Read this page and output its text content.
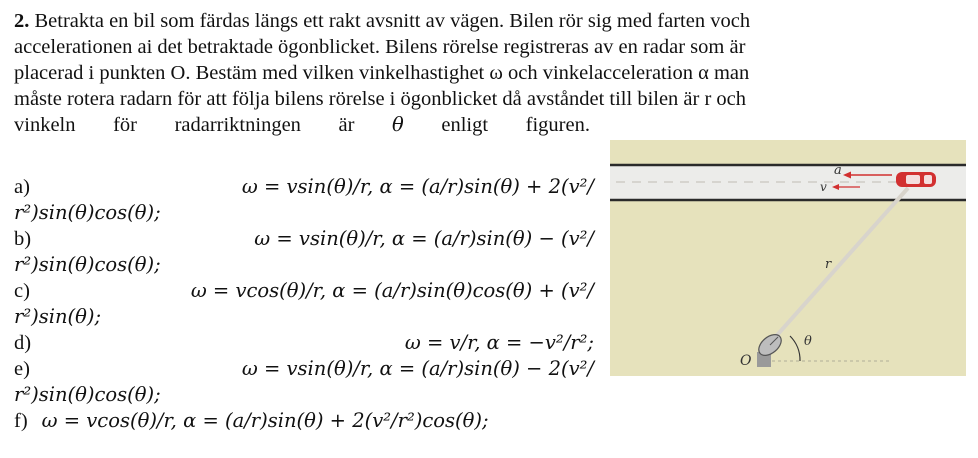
2. Betrakta en bil som färdas längs ett rakt avsnitt av vägen. Bilen rör sig med farten voch
accelerationen ai det betraktade ögonblicket. Bilens rörelse registreras av en radar som är
placerad i punkten O. Bestäm med vilken vinkelhastighet ω och vinkelacceleration α man
måste rotera radarn för att följa bilens rörelse i ögonblicket då avståndet till bilen är r och
vinkeln för radarriktningen är θ enligt figuren.
a)	ω = vsin(θ)/r, α = (a/r)sin(θ) + 2(v²/
r²)sin(θ)cos(θ);
b)	ω = vsin(θ)/r, α = (a/r)sin(θ) − (v²/
r²)sin(θ)cos(θ);
c)	ω = vcos(θ)/r, α = (a/r)sin(θ)cos(θ) + (v²/
r²)sin(θ);
d)	ω = v/r, α = −v²/r²;
e)	ω = vsin(θ)/r, α = (a/r)sin(θ) − 2(v²/
r²)sin(θ)cos(θ);
f) ω = vcos(θ)/r, α = (a/r)sin(θ) + 2(v²/r²)cos(θ);
a
v
r
θ
O
